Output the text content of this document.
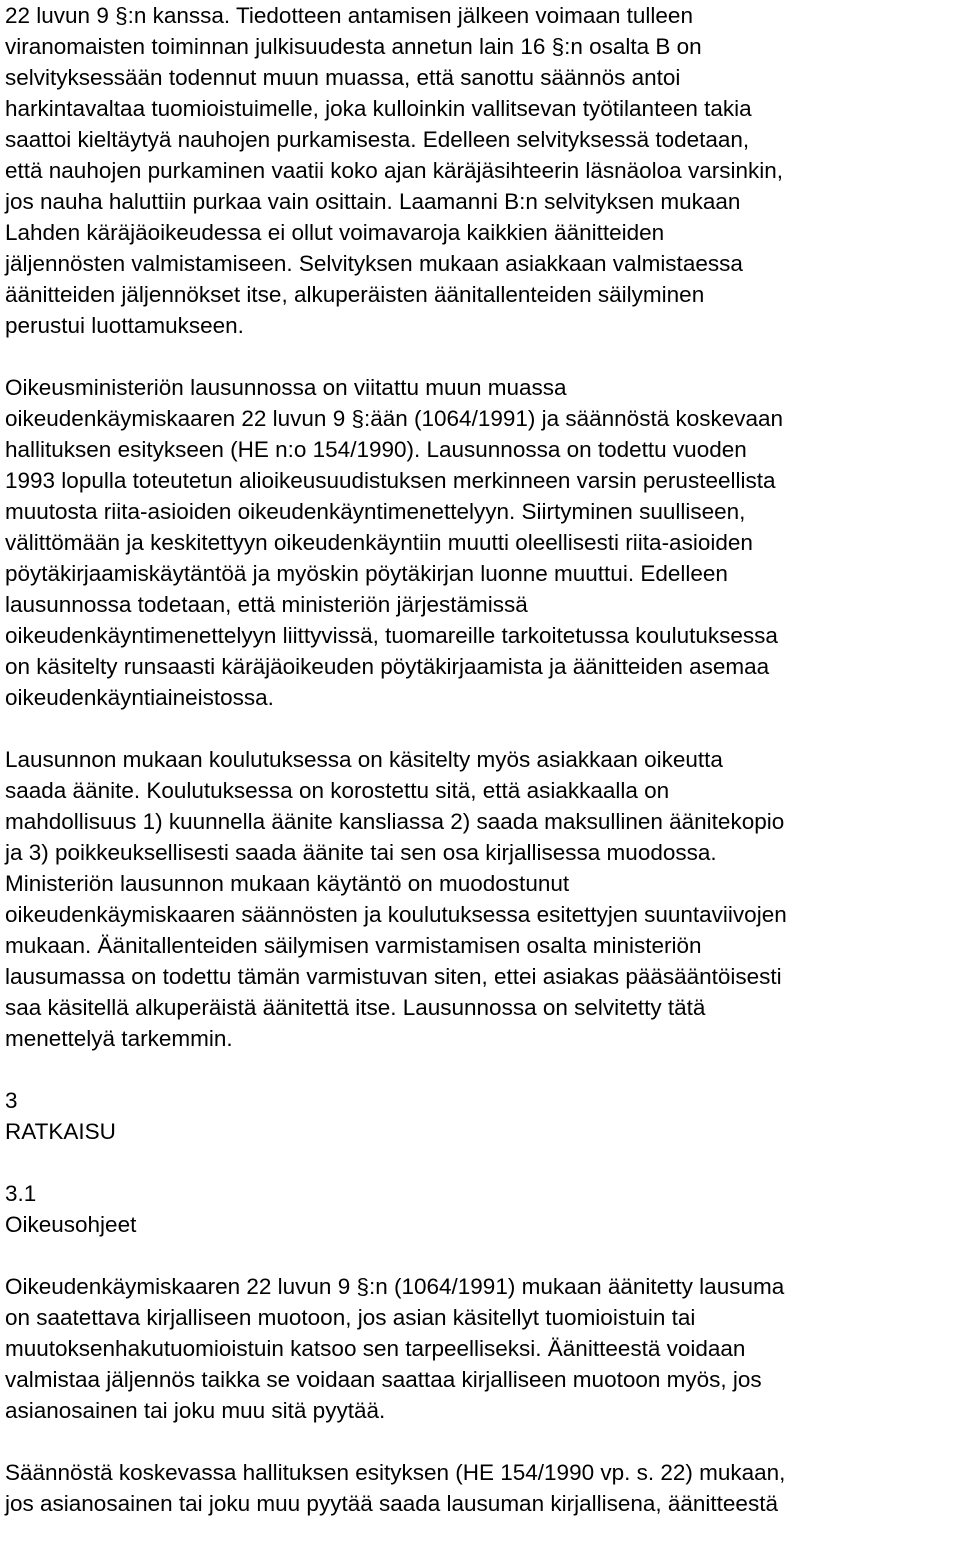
22 luvun 9 §:n kanssa. Tiedotteen antamisen jälkeen voimaan tulleen
viranomaisten toiminnan julkisuudesta annetun lain 16 §:n osalta B on
selvityksessään todennut muun muassa, että sanottu säännös antoi
harkintavaltaa tuomioistuimelle, joka kulloinkin vallitsevan työtilanteen takia
saattoi kieltäytyä nauhojen purkamisesta. Edelleen selvityksessä todetaan,
että nauhojen purkaminen vaatii koko ajan käräjäsihteerin läsnäoloa varsinkin,
jos nauha haluttiin purkaa vain osittain. Laamanni B:n selvityksen mukaan
Lahden käräjäoikeudessa ei ollut voimavaroja kaikkien äänitteiden
jäljennösten valmistamiseen. Selvityksen mukaan asiakkaan valmistaessa
äänitteiden jäljennökset itse, alkuperäisten äänitallenteiden säilyminen
perustui luottamukseen.
Oikeusministeriön lausunnossa on viitattu muun muassa
oikeudenkäymiskaaren 22 luvun 9 §:ään (1064/1991) ja säännöstä koskevaan
hallituksen esitykseen (HE n:o 154/1990). Lausunnossa on todettu vuoden
1993 lopulla toteutetun alioikeusuudistuksen merkinneen varsin perusteellista
muutosta riita-asioiden oikeudenkäyntimenettelyyn. Siirtyminen suulliseen,
välittömään ja keskitettyyn oikeudenkäyntiin muutti oleellisesti riita-asioiden
pöytäkirjaamiskäytäntöä ja myöskin pöytäkirjan luonne muuttui. Edelleen
lausunnossa todetaan, että ministeriön järjestämissä
oikeudenkäyntimenettelyyn liittyvissä, tuomareille tarkoitetussa koulutuksessa
on käsitelty runsaasti käräjäoikeuden pöytäkirjaamista ja äänitteiden asemaa
oikeudenkäyntiaineistossa.
Lausunnon mukaan koulutuksessa on käsitelty myös asiakkaan oikeutta
saada äänite. Koulutuksessa on korostettu sitä, että asiakkaalla on
mahdollisuus 1) kuunnella äänite kansliassa 2) saada maksullinen äänitekopio
ja 3) poikkeuksellisesti saada äänite tai sen osa kirjallisessa muodossa.
Ministeriön lausunnon mukaan käytäntö on muodostunut
oikeudenkäymiskaaren säännösten ja koulutuksessa esitettyjen suuntaviivojen
mukaan. Äänitallenteiden säilymisen varmistamisen osalta ministeriön
lausumassa on todettu tämän varmistuvan siten, ettei asiakas pääsääntöisesti
saa käsitellä alkuperäistä äänitettä itse. Lausunnossa on selvitetty tätä
menettelyä tarkemmin.
3
RATKAISU
3.1
Oikeusohjeet
Oikeudenkäymiskaaren 22 luvun 9 §:n (1064/1991) mukaan äänitetty lausuma
on saatettava kirjalliseen muotoon, jos asian käsitellyt tuomioistuin tai
muutoksenhakutuomioistuin katsoo sen tarpeelliseksi. Äänitteestä voidaan
valmistaa jäljennös taikka se voidaan saattaa kirjalliseen muotoon myös, jos
asianosainen tai joku muu sitä pyytää.
Säännöstä koskevassa hallituksen esityksen (HE 154/1990 vp. s. 22) mukaan,
jos asianosainen tai joku muu pyytää saada lausuman kirjallisena, äänitteestä
